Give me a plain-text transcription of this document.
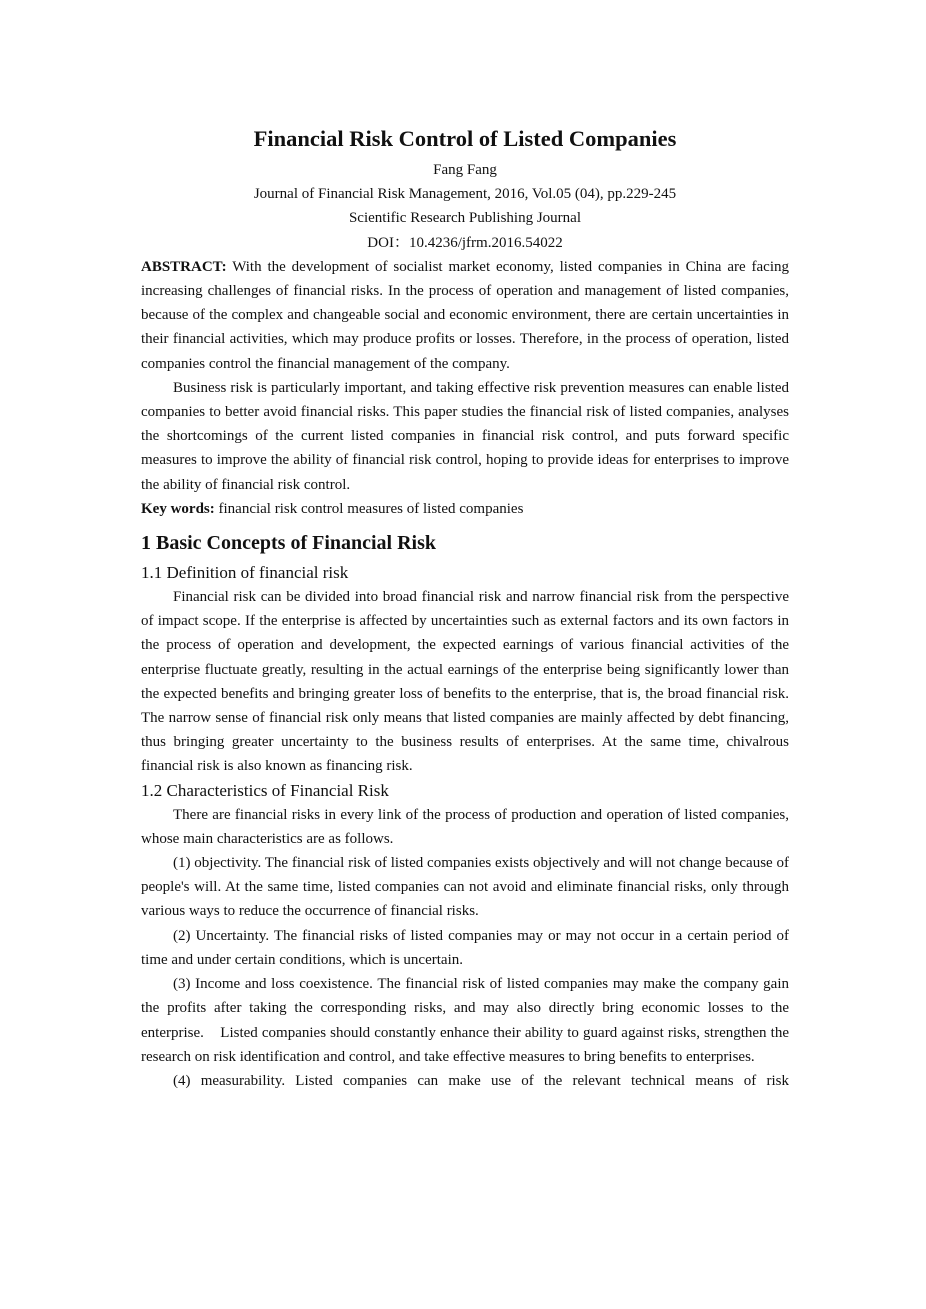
Financial Risk Control of Listed Companies
Fang Fang
Journal of Financial Risk Management, 2016, Vol.05 (04), pp.229-245
Scientific Research Publishing Journal
DOI：10.4236/jfrm.2016.54022

ABSTRACT: With the development of socialist market economy, listed companies in China are facing increasing challenges of financial risks. In the process of operation and management of listed companies, because of the complex and changeable social and economic environment, there are certain uncertainties in their financial activities, which may produce profits or losses. Therefore, in the process of operation, listed companies control the financial management of the company.

Business risk is particularly important, and taking effective risk prevention measures can enable listed companies to better avoid financial risks. This paper studies the financial risk of listed companies, analyses the shortcomings of the current listed companies in financial risk control, and puts forward specific measures to improve the ability of financial risk control, hoping to provide ideas for enterprises to improve the ability of financial risk control.

Key words: financial risk control measures of listed companies

1 Basic Concepts of Financial Risk
1.1 Definition of financial risk

Financial risk can be divided into broad financial risk and narrow financial risk from the perspective of impact scope. If the enterprise is affected by uncertainties such as external factors and its own factors in the process of operation and development, the expected earnings of various financial activities of the enterprise fluctuate greatly, resulting in the actual earnings of the enterprise being significantly lower than the expected benefits and bringing greater loss of benefits to the enterprise, that is, the broad financial risk. The narrow sense of financial risk only means that listed companies are mainly affected by debt financing, thus bringing greater uncertainty to the business results of enterprises. At the same time, chivalrous financial risk is also known as financing risk.

1.2 Characteristics of Financial Risk

There are financial risks in every link of the process of production and operation of listed companies, whose main characteristics are as follows.

(1) objectivity. The financial risk of listed companies exists objectively and will not change because of people's will. At the same time, listed companies can not avoid and eliminate financial risks, only through various ways to reduce the occurrence of financial risks.

(2) Uncertainty. The financial risks of listed companies may or may not occur in a certain period of time and under certain conditions, which is uncertain.

(3) Income and loss coexistence. The financial risk of listed companies may make the company gain the profits after taking the corresponding risks, and may also directly bring economic losses to the enterprise.    Listed companies should constantly enhance their ability to guard against risks, strengthen the research on risk identification and control, and take effective measures to bring benefits to enterprises.

(4) measurability. Listed companies can make use of the relevant technical means of risk
